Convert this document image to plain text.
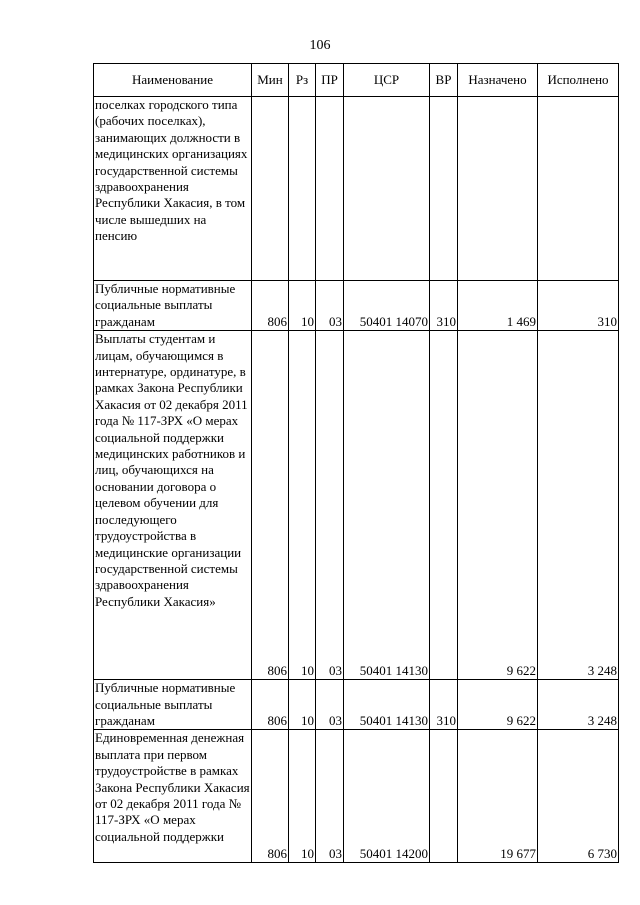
106
Наименование	Мин	Рз	ПР	ЦСР	ВР	Назначено	Исполнено
поселках городского типа (рабочих поселках), занимающих должности в медицинских организациях государственной системы здравоохранения Республики Хакасия, в том числе вышедших на пенсию							
Публичные нормативные социальные выплаты гражданам	806	10	03	50401 14070	310	1 469	310
Выплаты студентам и лицам, обучающимся в интернатуре, ординатуре, в рамках Закона Республики Хакасия от 02 декабря 2011 года № 117-ЗРХ «О мерах социальной поддержки медицинских работников и лиц, обучающихся на основании договора о целевом обучении для последующего трудоустройства в медицинские организации государственной системы здравоохранения Республики Хакасия»	806	10	03	50401 14130		9 622	3 248
Публичные нормативные социальные выплаты гражданам	806	10	03	50401 14130	310	9 622	3 248
Единовременная денежная выплата при первом трудоустройстве в рамках Закона Республики Хакасия от 02 декабря 2011 года № 117-ЗРХ «О мерах социальной поддержки	806	10	03	50401 14200		19 677	6 730
